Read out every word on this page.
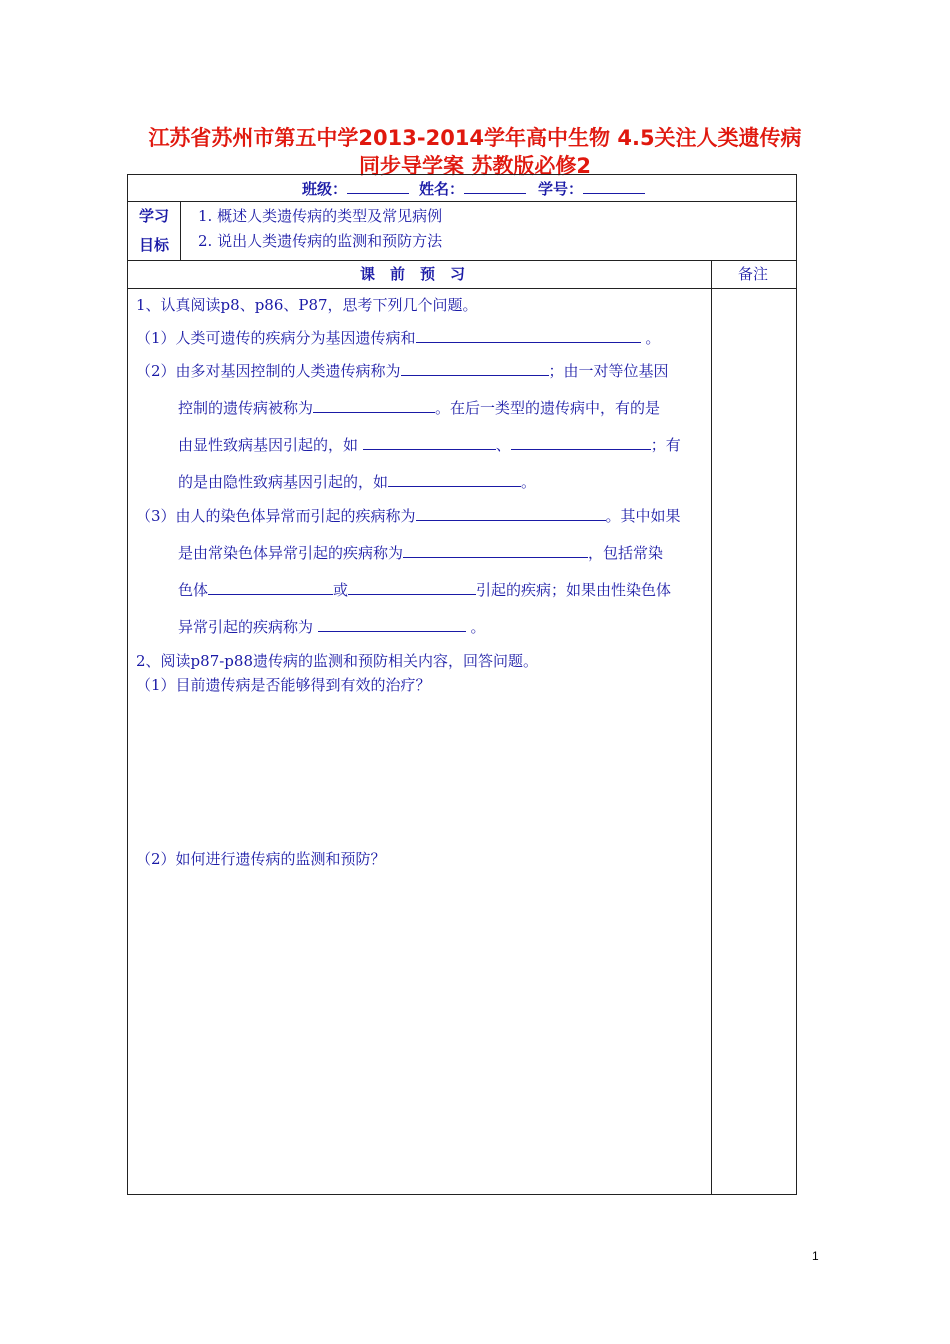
江苏省苏州市第五中学2013-2014学年高中生物 4.5关注人类遗传病
同步导学案 苏教版必修2
班级：	姓名：	学号：
学习
目标
1. 概述人类遗传病的类型及常见病例
2. 说出人类遗传病的监测和预防方法
课　前　预　习	备注
1、认真阅读p8、p86、P87，思考下列几个问题。
（1）人类可遗传的疾病分为基因遗传病和	。
（2）由多对基因控制的人类遗传病称为	；由一对等位基因
控制的遗传病被称为	。在后一类型的遗传病中，有的是
由显性致病基因引起的，如	、	；有
的是由隐性致病基因引起的，如	。
（3）由人的染色体异常而引起的疾病称为	。其中如果
是由常染色体异常引起的疾病称为	，包括常染
色体	或	引起的疾病；如果由性染色体
异常引起的疾病称为	。
2、阅读p87-p88遗传病的监测和预防相关内容，回答问题。
（1）目前遗传病是否能够得到有效的治疗？
（2）如何进行遗传病的监测和预防？
1
